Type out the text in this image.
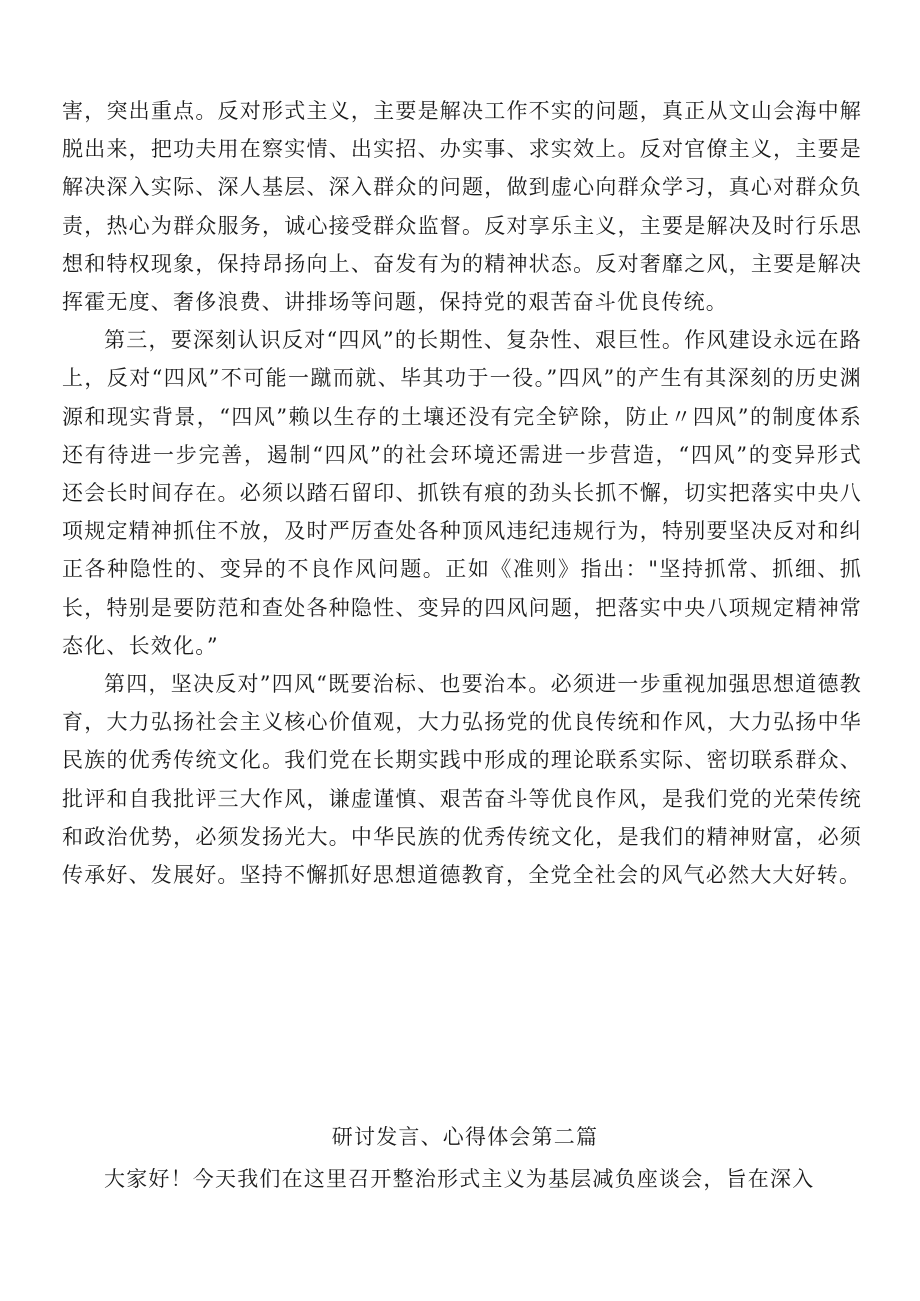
害，突出重点。反对形式主义，主要是解决工作不实的问题，真正从文山会海中解脱出来，把功夫用在察实情、出实招、办实事、求实效上。反对官僚主义，主要是解决深入实际、深人基层、深入群众的问题，做到虚心向群众学习，真心对群众负责，热心为群众服务，诚心接受群众监督。反对享乐主义，主要是解决及时行乐思想和特权现象，保持昂扬向上、奋发有为的精神状态。反对奢靡之风，主要是解决挥霍无度、奢侈浪费、讲排场等问题，保持党的艰苦奋斗优良传统。

第三，要深刻认识反对“四风”的长期性、复杂性、艰巨性。作风建设永远在路上，反对“四风”不可能一蹴而就、毕其功于一役。”四风”的产生有其深刻的历史渊源和现实背景，“四风”赖以生存的土壤还没有完全铲除，防止〃四风”的制度体系还有待进一步完善，遏制“四风”的社会环境还需进一步营造，“四风”的变异形式还会长时间存在。必须以踏石留印、抓铁有痕的劲头长抓不懈，切实把落实中央八项规定精神抓住不放，及时严厉查处各种顶风违纪违规行为，特别要坚决反对和纠正各种隐性的、变异的不良作风问题。正如《准则》指出："坚持抓常、抓细、抓长，特别是要防范和查处各种隐性、变异的四风问题，把落实中央八项规定精神常态化、长效化。”

第四，坚决反对”四风“既要治标、也要治本。必须进一步重视加强思想道德教育，大力弘扬社会主义核心价值观，大力弘扬党的优良传统和作风，大力弘扬中华民族的优秀传统文化。我们党在长期实践中形成的理论联系实际、密切联系群众、批评和自我批评三大作风，谦虚谨慎、艰苦奋斗等优良作风，是我们党的光荣传统和政治优势，必须发扬光大。中华民族的优秀传统文化，是我们的精神财富，必须传承好、发展好。坚持不懈抓好思想道德教育，全党全社会的风气必然大大好转。

研讨发言、心得体会第二篇

大家好！今天我们在这里召开整治形式主义为基层减负座谈会，旨在深入
